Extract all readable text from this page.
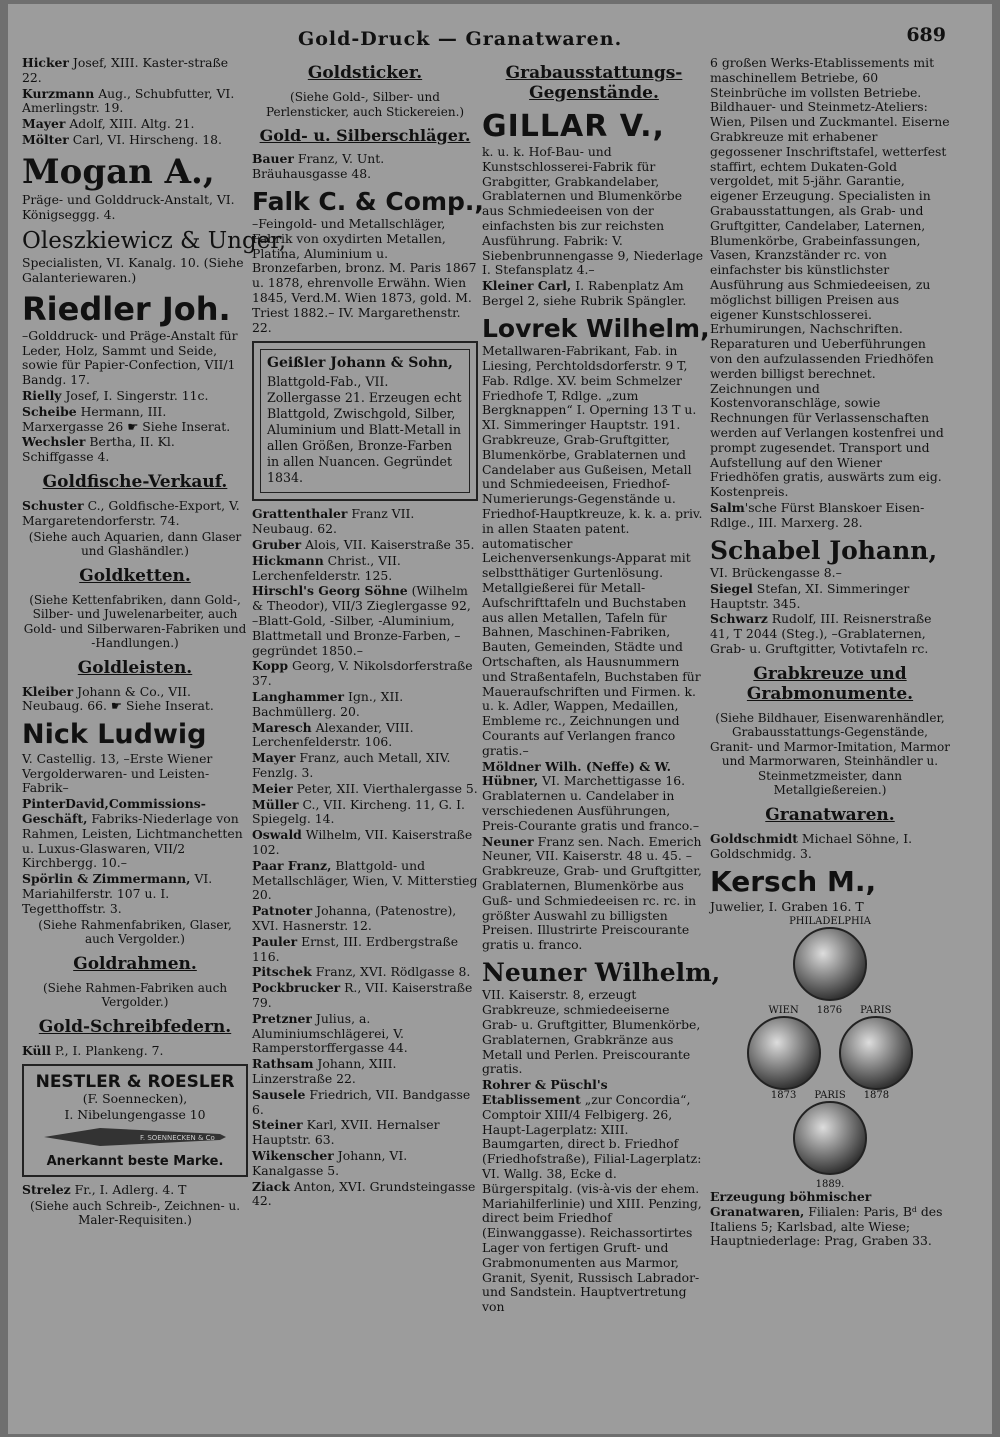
Gold-Druck — Granatwaren.	689
Hicker Josef, XIII. Kaster-straße 22.
Kurzmann Aug., Schubfutter, VI. Amerlingstr. 19.
Mayer Adolf, XIII. Altg. 21.
Mölter Carl, VI. Hirscheng. 18.
Mogan A.,
Präge- und Golddruck-Anstalt, VI. Königseggg. 4.
Oleszkiewicz & Unger,
Specialisten, VI. Kanalg. 10. (Siehe Galanteriewaren.)
Riedler Joh.
–Golddruck- und Präge-Anstalt für Leder, Holz, Sammt und Seide, sowie für Papier-Confection, VII/1 Bandg. 17.
Rielly Josef, I. Singerstr. 11c.
Scheibe Hermann, III. Marxergasse 26 ☛ Siehe Inserat.
Wechsler Bertha, II. Kl. Schiffgasse 4.
Goldfische-Verkauf.
Schuster C., Goldfische-Export, V. Margaretendorferstr. 74.
(Siehe auch Aquarien, dann Glaser und Glashändler.)
Goldketten.
(Siehe Kettenfabriken, dann Gold-, Silber- und Juwelenarbeiter, auch Gold- und Silberwaren-Fabriken und -Handlungen.)
Goldleisten.
Kleiber Johann & Co., VII. Neubaug. 66. ☛ Siehe Inserat.
Nick Ludwig
V. Castellig. 13, –Erste Wiener Vergolderwaren- und Leisten-Fabrik–
PinterDavid,Commissions-Geschäft, Fabriks-Niederlage von Rahmen, Leisten, Lichtmanchetten u. Luxus-Glaswaren, VII/2 Kirchbergg. 10.–
Spörlin & Zimmermann, VI. Mariahilferstr. 107 u. I. Tegetthoffstr. 3.
(Siehe Rahmenfabriken, Glaser, auch Vergolder.)
Goldrahmen.
(Siehe Rahmen-Fabriken auch Vergolder.)
Gold-Schreibfedern.
Küll P., I. Plankeng. 7.
NESTLER & ROESLER
(F. Soennecken),
I. Nibelungengasse 10
F. SOENNECKEN & Co
Anerkannt beste Marke.
Strelez Fr., I. Adlerg. 4. T
(Siehe auch Schreib-, Zeichnen- u. Maler-Requisiten.)
Goldsticker.
(Siehe Gold-, Silber- und Perlensticker, auch Stickereien.)
Gold- u. Silberschläger.
Bauer Franz, V. Unt. Bräuhausgasse 48.
Falk C. & Comp.,
–Feingold- und Metallschläger, Fabrik von oxydirten Metallen, Platina, Aluminium u. Bronzefarben, bronz. M. Paris 1867 u. 1878, ehrenvolle Erwähn. Wien 1845, Verd.M. Wien 1873, gold. M. Triest 1882.– IV. Margarethenstr. 22.
Geißler Johann & Sohn,
Blattgold-Fab., VII. Zollergasse 21. Erzeugen echt Blattgold, Zwischgold, Silber, Aluminium und Blatt-Metall in allen Größen, Bronze-Farben in allen Nuancen. Gegründet 1834.
Grattenthaler Franz VII. Neubaug. 62.
Gruber Alois, VII. Kaiserstraße 35.
Hickmann Christ., VII. Lerchenfelderstr. 125.
Hirschl's Georg Söhne (Wilhelm & Theodor), VII/3 Zieglergasse 92, –Blatt-Gold, -Silber, -Aluminium, Blattmetall und Bronze-Farben, – gegründet 1850.–
Kopp Georg, V. Nikolsdorferstraße 37.
Langhammer Ign., XII. Bachmüllerg. 20.
Maresch Alexander, VIII. Lerchenfelderstr. 106.
Mayer Franz, auch Metall, XIV. Fenzlg. 3.
Meier Peter, XII. Vierthalergasse 5.
Müller C., VII. Kircheng. 11, G. I. Spiegelg. 14.
Oswald Wilhelm, VII. Kaiserstraße 102.
Paar Franz, Blattgold- und Metallschläger, Wien, V. Mitterstieg 20.
Patnoter Johanna, (Patenostre), XVI. Hasnerstr. 12.
Pauler Ernst, III. Erdbergstraße 116.
Pitschek Franz, XVI. Rödlgasse 8.
Pockbrucker R., VII. Kaiserstraße 79.
Pretzner Julius, a. Aluminiumschlägerei, V. Ramperstorffergasse 44.
Rathsam Johann, XIII. Linzerstraße 22.
Sausele Friedrich, VII. Bandgasse 6.
Steiner Karl, XVII. Hernalser Hauptstr. 63.
Wikenscher Johann, VI. Kanalgasse 5.
Ziack Anton, XVI. Grundsteingasse 42.
Grabausstattungs-Gegenstände.
GILLAR V.,
k. u. k. Hof-Bau- und Kunstschlosserei-Fabrik für Grabgitter, Grabkandelaber, Grablaternen und Blumenkörbe aus Schmiedeeisen von der einfachsten bis zur reichsten Ausführung. Fabrik: V. Siebenbrunnengasse 9, Niederlage I. Stefansplatz 4.–
Kleiner Carl, I. Rabenplatz Am Bergel 2, siehe Rubrik Spängler.
Lovrek Wilhelm,
Metallwaren-Fabrikant, Fab. in Liesing, Perchtoldsdorferstr. 9 T, Fab. Rdlge. XV. beim Schmelzer Friedhofe T, Rdlge. „zum Bergknappen“ I. Operning 13 T u. XI. Simmeringer Hauptstr. 191. Grabkreuze, Grab-Gruftgitter, Blumenkörbe, Grablaternen und Candelaber aus Gußeisen, Metall und Schmiedeeisen, Friedhof-Numerierungs-Gegenstände u. Friedhof-Hauptkreuze, k. k. a. priv. in allen Staaten patent. automatischer Leichenversenkungs-Apparat mit selbstthätiger Gurtenlösung. Metallgießerei für Metall-Aufschrifttafeln und Buchstaben aus allen Metallen, Tafeln für Bahnen, Maschinen-Fabriken, Bauten, Gemeinden, Städte und Ortschaften, als Hausnummern und Straßentafeln, Buchstaben für Maueraufschriften und Firmen. k. u. k. Adler, Wappen, Medaillen, Embleme rc., Zeichnungen und Courants auf Verlangen franco gratis.–
Möldner Wilh. (Neffe) & W. Hübner, VI. Marchettigasse 16. Grablaternen u. Candelaber in verschiedenen Ausführungen, Preis-Courante gratis und franco.–
Neuner Franz sen. Nach. Emerich Neuner, VII. Kaiserstr. 48 u. 45. –Grabkreuze, Grab- und Gruftgitter, Grablaternen, Blumenkörbe aus Guß- und Schmiedeeisen rc. rc. in größter Auswahl zu billigsten Preisen. Illustrirte Preiscourante gratis u. franco.
Neuner Wilhelm,
VII. Kaiserstr. 8, erzeugt Grabkreuze, schmiedeeiserne Grab- u. Gruftgitter, Blumenkörbe, Grablaternen, Grabkränze aus Metall und Perlen. Preiscourante gratis.
Rohrer & Püschl's Etablissement „zur Concordia“, Comptoir XIII/4 Felbigerg. 26, Haupt-Lagerplatz: XIII. Baumgarten, direct b. Friedhof (Friedhofstraße), Filial-Lagerplatz: VI. Wallg. 38, Ecke d. Bürgerspitalg. (vis-à-vis der ehem. Mariahilferlinie) und XIII. Penzing, direct beim Friedhof (Einwanggasse). Reichassortirtes Lager von fertigen Gruft- und Grabmonumenten aus Marmor, Granit, Syenit, Russisch Labrador- und Sandstein. Hauptvertretung von
6 großen Werks-Etablissements mit maschinellem Betriebe, 60 Steinbrüche im vollsten Betriebe. Bildhauer- und Steinmetz-Ateliers: Wien, Pilsen und Zuckmantel. Eiserne Grabkreuze mit erhabener gegossener Inschriftstafel, wetterfest staffirt, echtem Dukaten-Gold vergoldet, mit 5-jähr. Garantie, eigener Erzeugung. Specialisten in Grabausstattungen, als Grab- und Gruftgitter, Candelaber, Laternen, Blumenkörbe, Grabeinfassungen, Vasen, Kranzständer rc. von einfachster bis künstlichster Ausführung aus Schmiedeeisen, zu möglichst billigen Preisen aus eigener Kunstschlosserei. Erhumirungen, Nachschriften. Reparaturen und Ueberführungen von den aufzulassenden Friedhöfen werden billigst berechnet. Zeichnungen und Kostenvoranschläge, sowie Rechnungen für Verlassenschaften werden auf Verlangen kostenfrei und prompt zugesendet. Transport und Aufstellung auf den Wiener Friedhöfen gratis, auswärts zum eig. Kostenpreis.
Salm'sche Fürst Blanskoer Eisen-Rdlge., III. Marxerg. 28.
Schabel Johann,
VI. Brückengasse 8.–
Siegel Stefan, XI. Simmeringer Hauptstr. 345.
Schwarz Rudolf, III. Reisnerstraße 41, T 2044 (Steg.), –Grablaternen, Grab- u. Gruftgitter, Votivtafeln rc.
Grabkreuze und Grabmonumente.
(Siehe Bildhauer, Eisenwarenhändler, Grabausstattungs-Gegenstände, Granit- und Marmor-Imitation, Marmor und Marmorwaren, Steinhändler u. Steinmetzmeister, dann Metallgießereien.)
Granatwaren.
Goldschmidt Michael Söhne, I. Goldschmidg. 3.
Kersch M.,
Juwelier, I. Graben 16. T
PHILADELPHIA
WIEN 1876 PARIS
1873 PARIS 1878
1889.
Erzeugung böhmischer Granatwaren, Filialen: Paris, Bᵈ des Italiens 5; Karlsbad, alte Wiese; Hauptniederlage: Prag, Graben 33.
